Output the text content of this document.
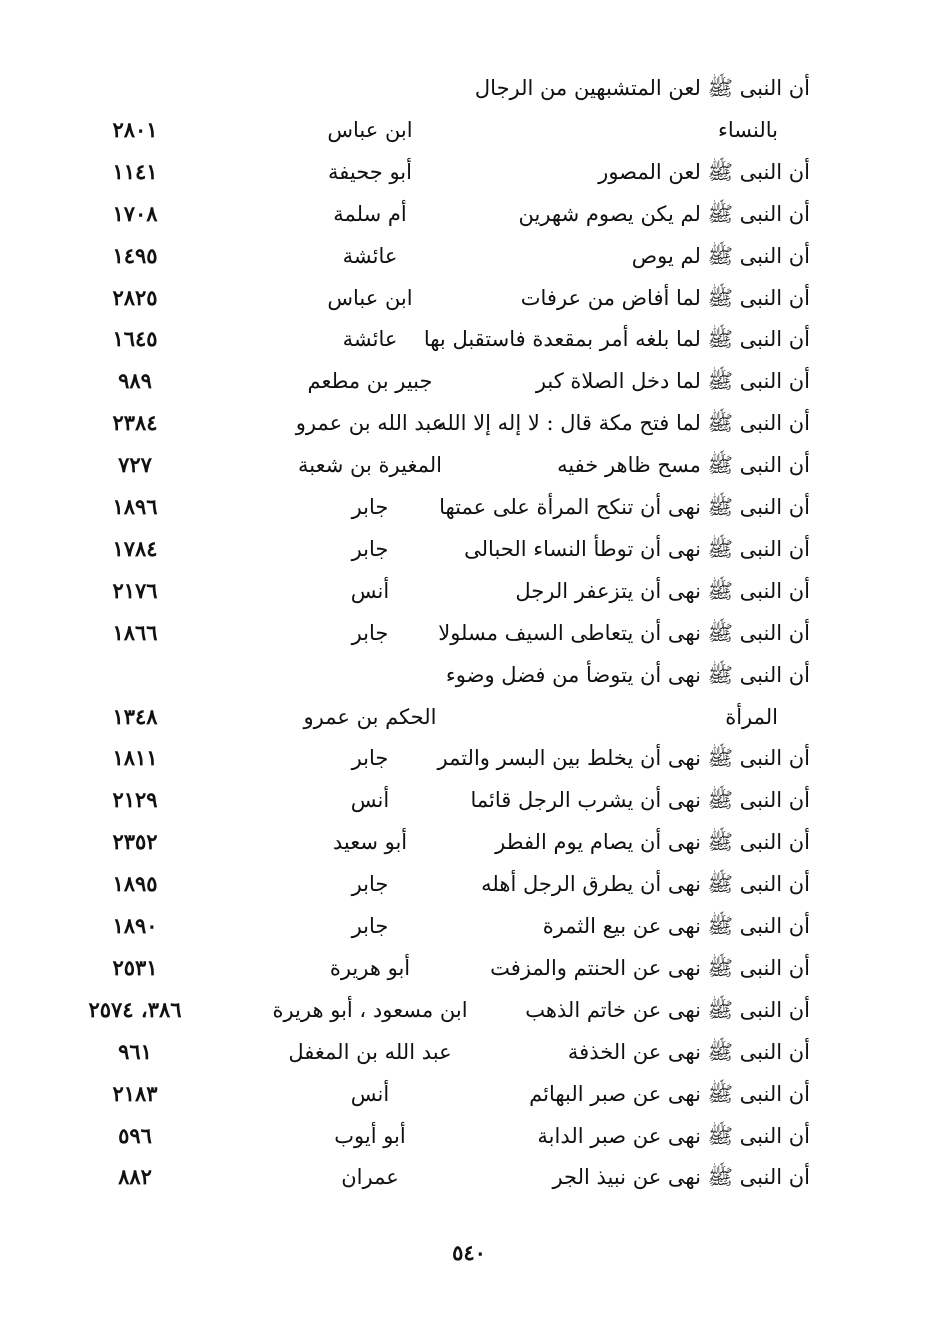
أن النبى ﷺ لعن المتشبهين من الرجال
بالنساء
ابن عباس
٢٨٠١
أن النبى ﷺ لعن المصور
أبو جحيفة
١١٤١
أن النبى ﷺ لم يكن يصوم شهرين
أم سلمة
١٧٠٨
أن النبى ﷺ لم يوص
عائشة
١٤٩٥
أن النبى ﷺ لما أفاض من عرفات
ابن عباس
٢٨٢٥
أن النبى ﷺ لما بلغه أمر بمقعدة فاستقبل بها
عائشة
١٦٤٥
أن النبى ﷺ لما دخل الصلاة كبر
جبير بن مطعم
٩٨٩
أن النبى ﷺ لما فتح مكة قال : لا إله إلا الله
عبد الله بن عمرو
٢٣٨٤
أن النبى ﷺ مسح ظاهر خفيه
المغيرة بن شعبة
٧٢٧
أن النبى ﷺ نهى أن تنكح المرأة على عمتها
جابر
١٨٩٦
أن النبى ﷺ نهى أن توطأ النساء الحبالى
جابر
١٧٨٤
أن النبى ﷺ نهى أن يتزعفر الرجل
أنس
٢١٧٦
أن النبى ﷺ نهى أن يتعاطى السيف مسلولا
جابر
١٨٦٦
أن النبى ﷺ نهى أن يتوضأ من فضل وضوء
المرأة
الحكم بن عمرو
١٣٤٨
أن النبى ﷺ نهى أن يخلط بين البسر والتمر
جابر
١٨١١
أن النبى ﷺ نهى أن يشرب الرجل قائما
أنس
٢١٢٩
أن النبى ﷺ نهى أن يصام يوم الفطر
أبو سعيد
٢٣٥٢
أن النبى ﷺ نهى أن يطرق الرجل أهله
جابر
١٨٩٥
أن النبى ﷺ نهى عن بيع الثمرة
جابر
١٨٩٠
أن النبى ﷺ نهى عن الحنتم والمزفت
أبو هريرة
٢٥٣١
أن النبى ﷺ نهى عن خاتم الذهب
ابن مسعود ، أبو هريرة
٣٨٦، ٢٥٧٤
أن النبى ﷺ نهى عن الخذفة
عبد الله بن المغفل
٩٦١
أن النبى ﷺ نهى عن صبر البهائم
أنس
٢١٨٣
أن النبى ﷺ نهى عن صبر الدابة
أبو أيوب
٥٩٦
أن النبى ﷺ نهى عن نبيذ الجر
عمران
٨٨٢
٥٤٠
